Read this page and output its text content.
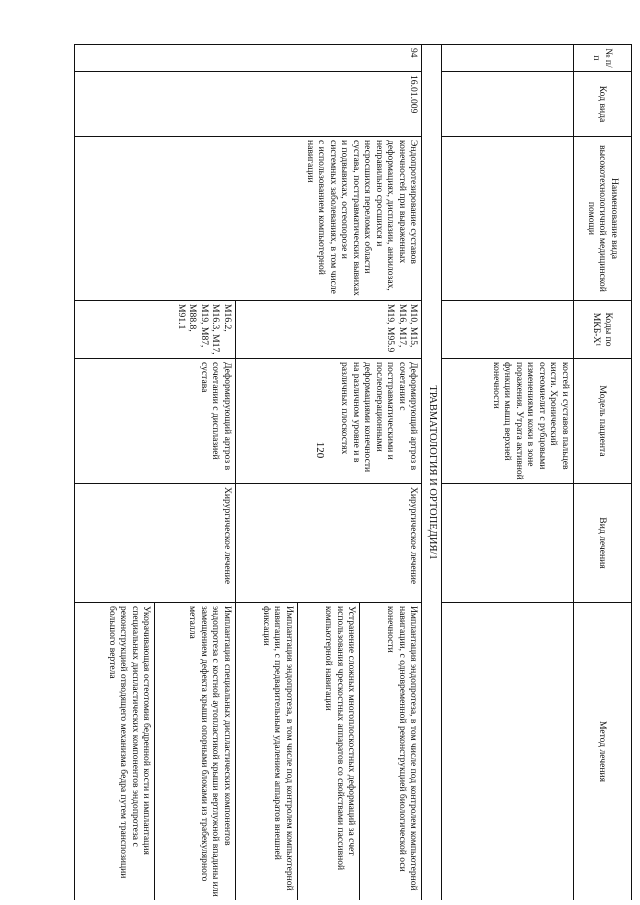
120
№ п/п	Код вида	Наименование вида высокотехнологичной медицинской помощи	Коды по МКБ-X¹	Модель пациента	Вид лечения	Метод лечения
				костей и суставов пальцев кисти. Хронический остеомиелит с рубцовыми изменениями кожи в зоне поражения. Утрата активной функции мышц верхней конечности		
ТРАВМАТОЛОГИЯ И ОРТОПЕДИЯ/1						
94	16.01.009	Эндопротезирование суставов конечностей при выраженных деформациях, дисплазии, анкилозах, неправильно сросшихся и несросшихся переломах области сустава, посттравматических вывихах и подвывихах, остеопорозе и системных заболеваниях, в том числе с использованием компьютерной навигации	M10, M15, M16, M17, M19, M95.9	Деформирующий артроз в сочетании с посттравматическими и послеоперационными деформациями конечности на различном уровне и в различных плоскостях	Хирургическое лечение	Имплантация эндопротеза, в том числе под контролем компьютерной навигации, с одновременной реконструкцией биологической оси конечности
						Устранение сложных многоплоскостных деформаций за счет использования чрескостных аппаратов со свойствами пассивной компьютерной навигации
						Имплантация эндопротеза, в том числе под контролем компьютерной навигации, с предварительным удалением аппаратов внешней фиксации
			M16.2, M16.3, M17, M19, M87, M88.8, M91.1	Деформирующий артроз в сочетании с дисплазией сустава	Хирургическое лечение	Имплантация специальных диспластических компонентов эндопротеза с костной аутопластикой крыши вертлужной впадины или замещением дефекта крыши опорными блоками из трабекулярного металла
						Укорачивающая остеотомия бедренной кости и имплантация специальных диспластических компонентов эндопротеза с реконструкцией отводящего механизма бедра путем транспозиции большого вертела
